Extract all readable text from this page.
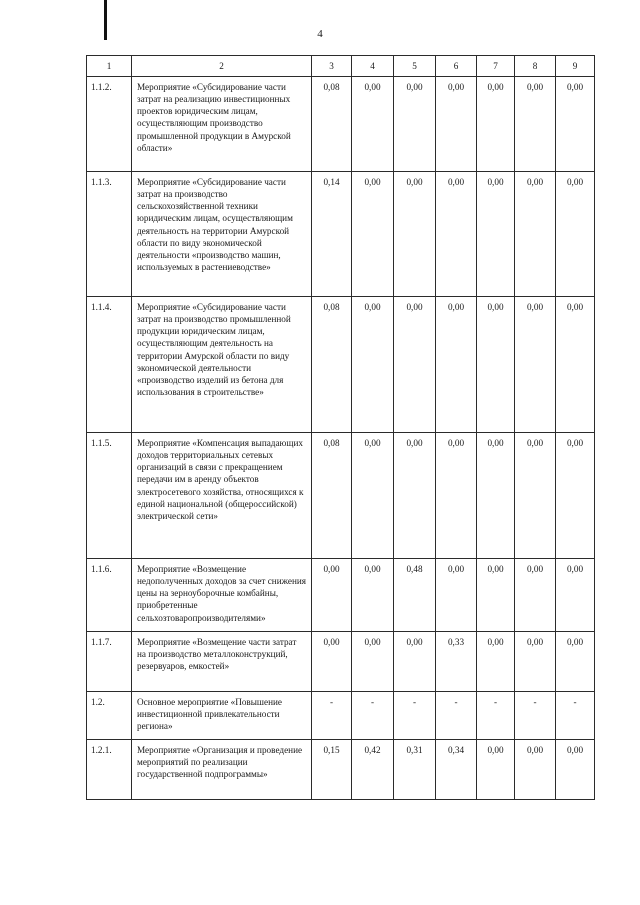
4
1	2	3	4	5	6	7	8	9
1.1.2.	Мероприятие «Субсидирование части затрат на реализацию инвестиционных проектов юридическим лицам, осуществляющим производство промышленной продукции в Амурской области»	0,08	0,00	0,00	0,00	0,00	0,00	0,00
1.1.3.	Мероприятие «Субсидирование части затрат на производство сельскохозяйственной техники юридическим лицам, осуществляющим деятельность на территории Амурской области по виду экономической деятельности «производство машин, используемых в растениеводстве»	0,14	0,00	0,00	0,00	0,00	0,00	0,00
1.1.4.	Мероприятие «Субсидирование части затрат на производство промышленной продукции юридическим лицам, осуществляющим деятельность на территории Амурской области по виду экономической деятельности «производство изделий из бетона для использования в строительстве»	0,08	0,00	0,00	0,00	0,00	0,00	0,00
1.1.5.	Мероприятие «Компенсация выпадающих доходов территориальных сетевых организаций в связи с прекращением передачи им в аренду объектов электросетевого хозяйства, относящихся к единой национальной (общероссийской) электрической сети»	0,08	0,00	0,00	0,00	0,00	0,00	0,00
1.1.6.	Мероприятие «Возмещение недополученных доходов за счет снижения цены на зерноуборочные комбайны, приобретенные сельхозтоваропроизводителями»	0,00	0,00	0,48	0,00	0,00	0,00	0,00
1.1.7.	Мероприятие «Возмещение части затрат на производство металлоконструкций, резервуаров, емкостей»	0,00	0,00	0,00	0,33	0,00	0,00	0,00
1.2.	Основное мероприятие «Повышение инвестиционной привлекательности региона»	-	-	-	-	-	-	-
1.2.1.	Мероприятие «Организация и проведение мероприятий по реализации государственной подпрограммы»	0,15	0,42	0,31	0,34	0,00	0,00	0,00
